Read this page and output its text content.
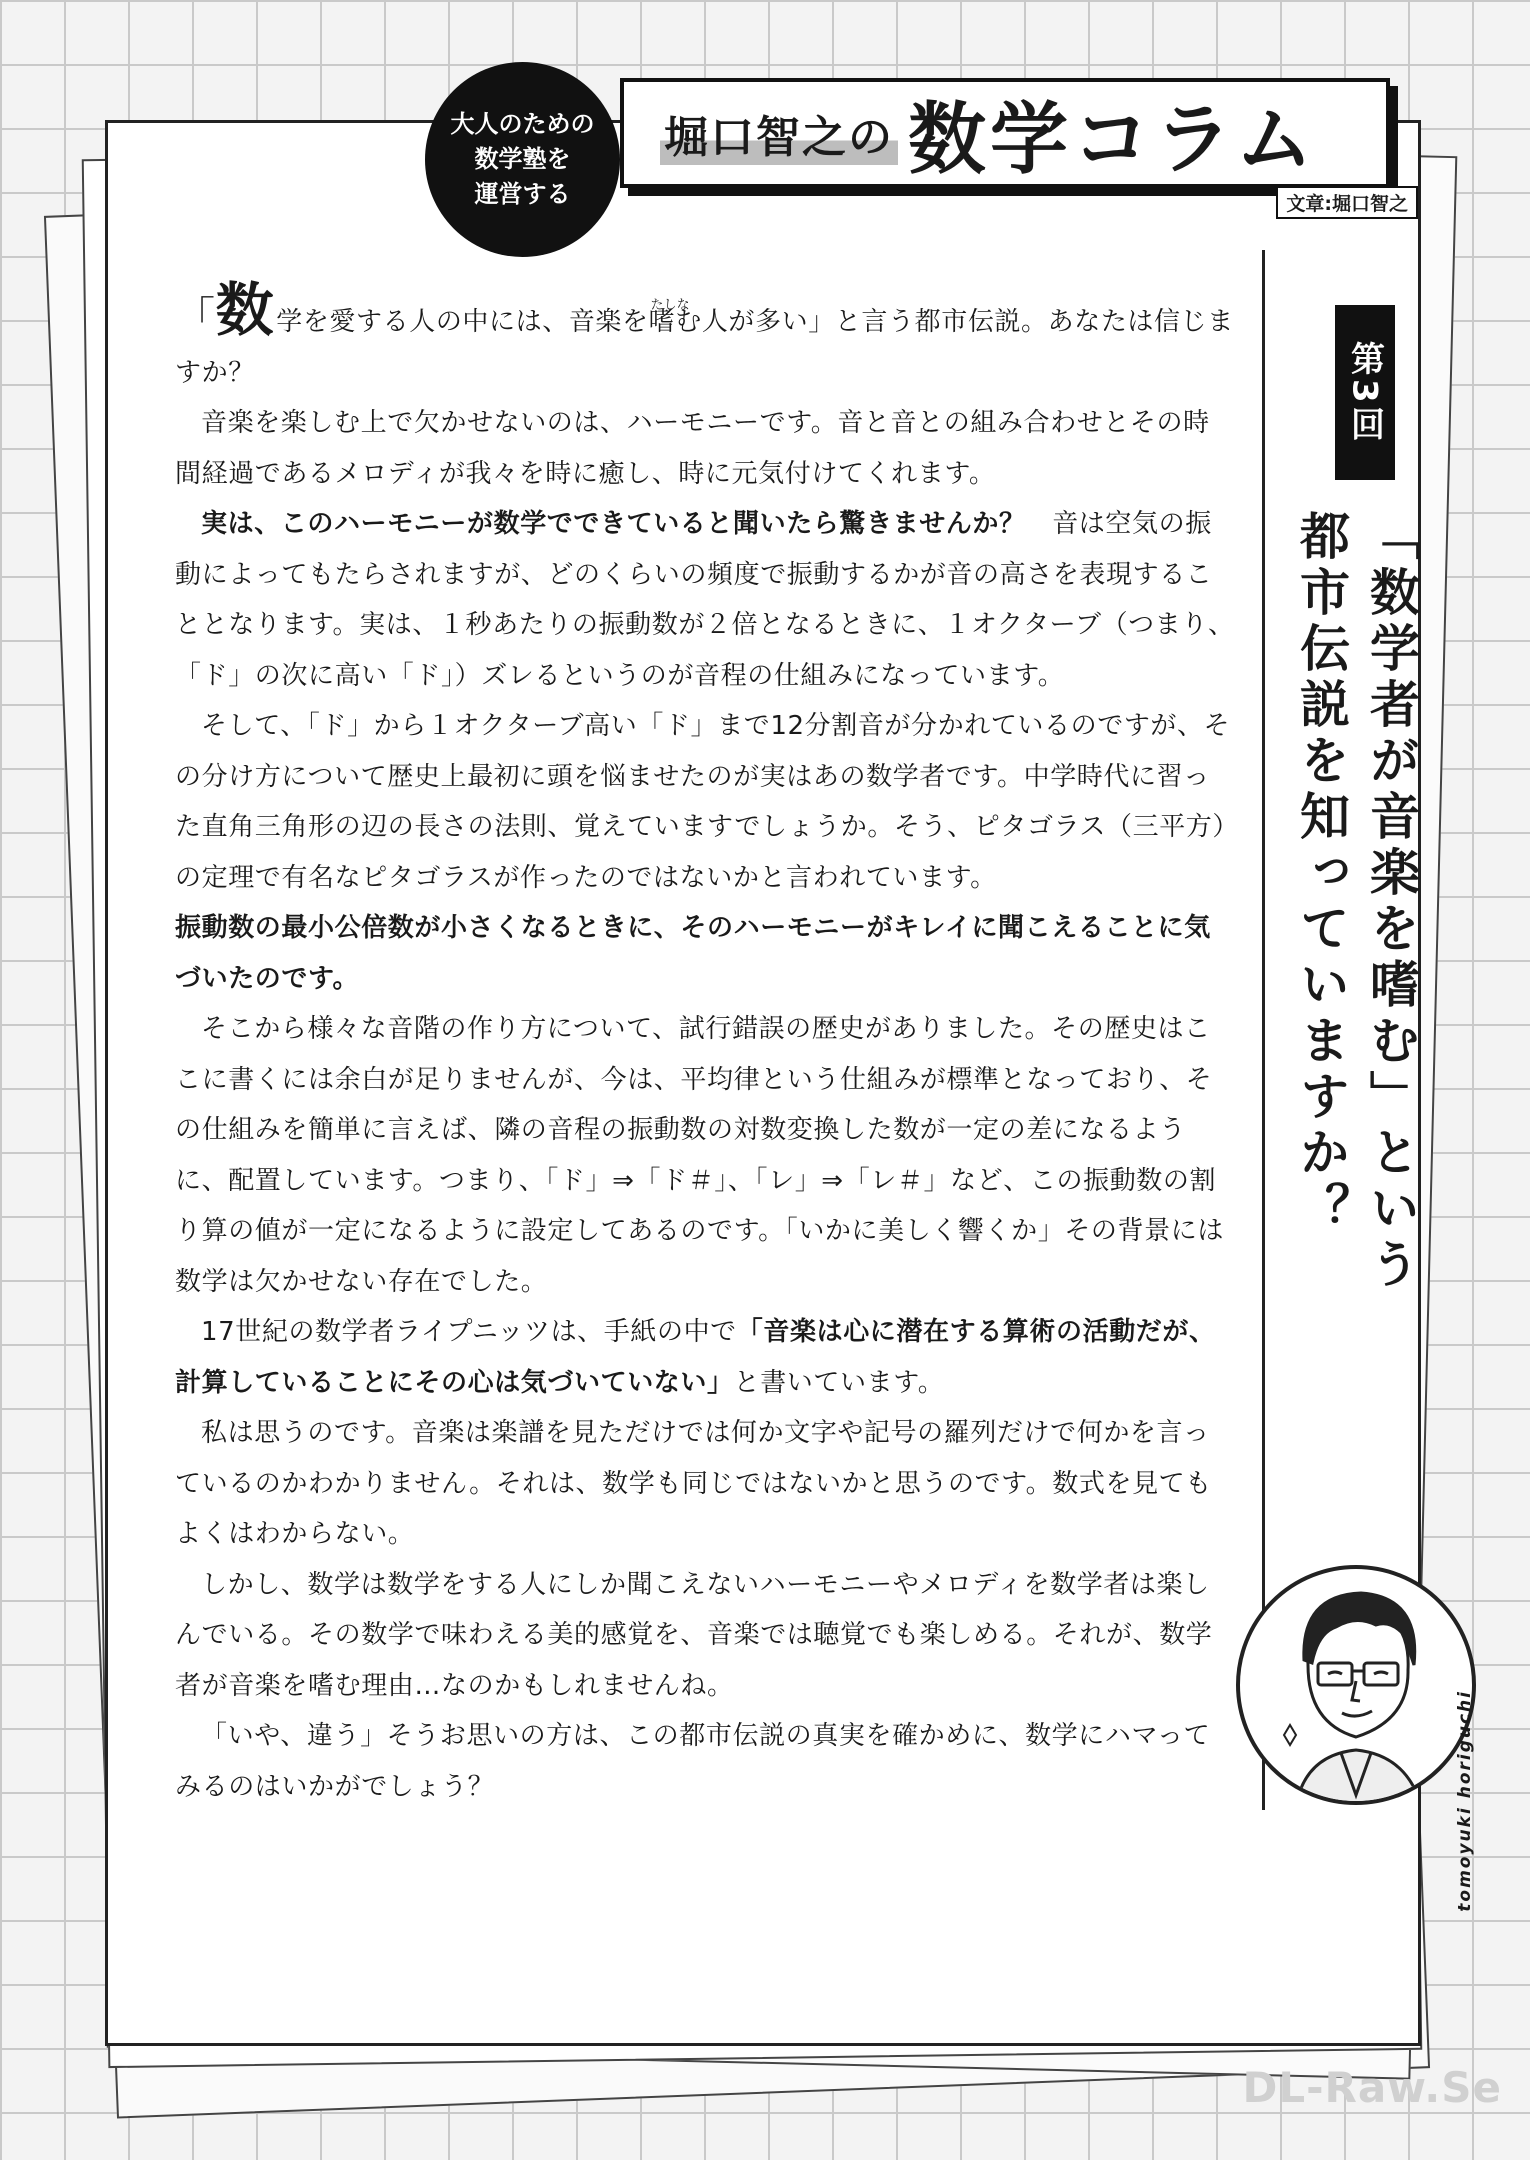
大人のための
数学塾を
運営する
堀口智之の 数学コラム
文章:堀口智之

「数学を愛する人の中には、音楽を
たしな
嗜む人が多い」と言う都市伝説。あなたは信じますか？

音楽を楽しむ上で欠かせないのは、ハーモニーです。音と音との組み合わせとその時間経過であるメロディが我々を時に癒し、時に元気付けてくれます。

実は、このハーモニーが数学でできていると聞いたら驚きませんか？　音は空気の振動によってもたらされますが、どのくらいの頻度で振動するかが音の高さを表現することとなります。実は、１秒あたりの振動数が２倍となるときに、１オクターブ（つまり、「ド」の次に高い「ド」）ズレるというのが音程の仕組みになっています。

そして、「ド」から１オクターブ高い「ド」まで12分割音が分かれているのですが、その分け方について歴史上最初に頭を悩ませたのが実はあの数学者です。中学時代に習った直角三角形の辺の長さの法則、覚えていますでしょうか。そう、ピタゴラス（三平方）の定理で有名なピタゴラスが作ったのではないかと言われています。
振動数の最小公倍数が小さくなるときに、そのハーモニーがキレイに聞こえることに気づいたのです。

そこから様々な音階の作り方について、試行錯誤の歴史がありました。その歴史はここに書くには余白が足りませんが、今は、平均律という仕組みが標準となっており、その仕組みを簡単に言えば、隣の音程の振動数の対数変換した数が一定の差になるように、配置しています。つまり、「ド」⇒「ド＃」、「レ」⇒「レ＃」など、この振動数の割り算の値が一定になるように設定してあるのです。「いかに美しく響くか」その背景には数学は欠かせない存在でした。

17世紀の数学者ライプニッツは、手紙の中で「音楽は心に潜在する算術の活動だが、計算していることにその心は気づいていない」と書いています。

私は思うのです。音楽は楽譜を見ただけでは何か文字や記号の羅列だけで何かを言っているのかわかりません。それは、数学も同じではないかと思うのです。数式を見てもよくはわからない。

しかし、数学は数学をする人にしか聞こえないハーモニーやメロディを数学者は楽しんでいる。その数学で味わえる美的感覚を、音楽では聴覚でも楽しめる。それが、数学者が音楽を嗜む理由…なのかもしれませんね。

「いや、違う」そうお思いの方は、この都市伝説の真実を確かめに、数学にハマってみるのはいかがでしょう？

第3回
「数学者が音楽を嗜む」という
都市伝説を知っていますか？
tomoyuki horiguchi
DL-Raw.Se
